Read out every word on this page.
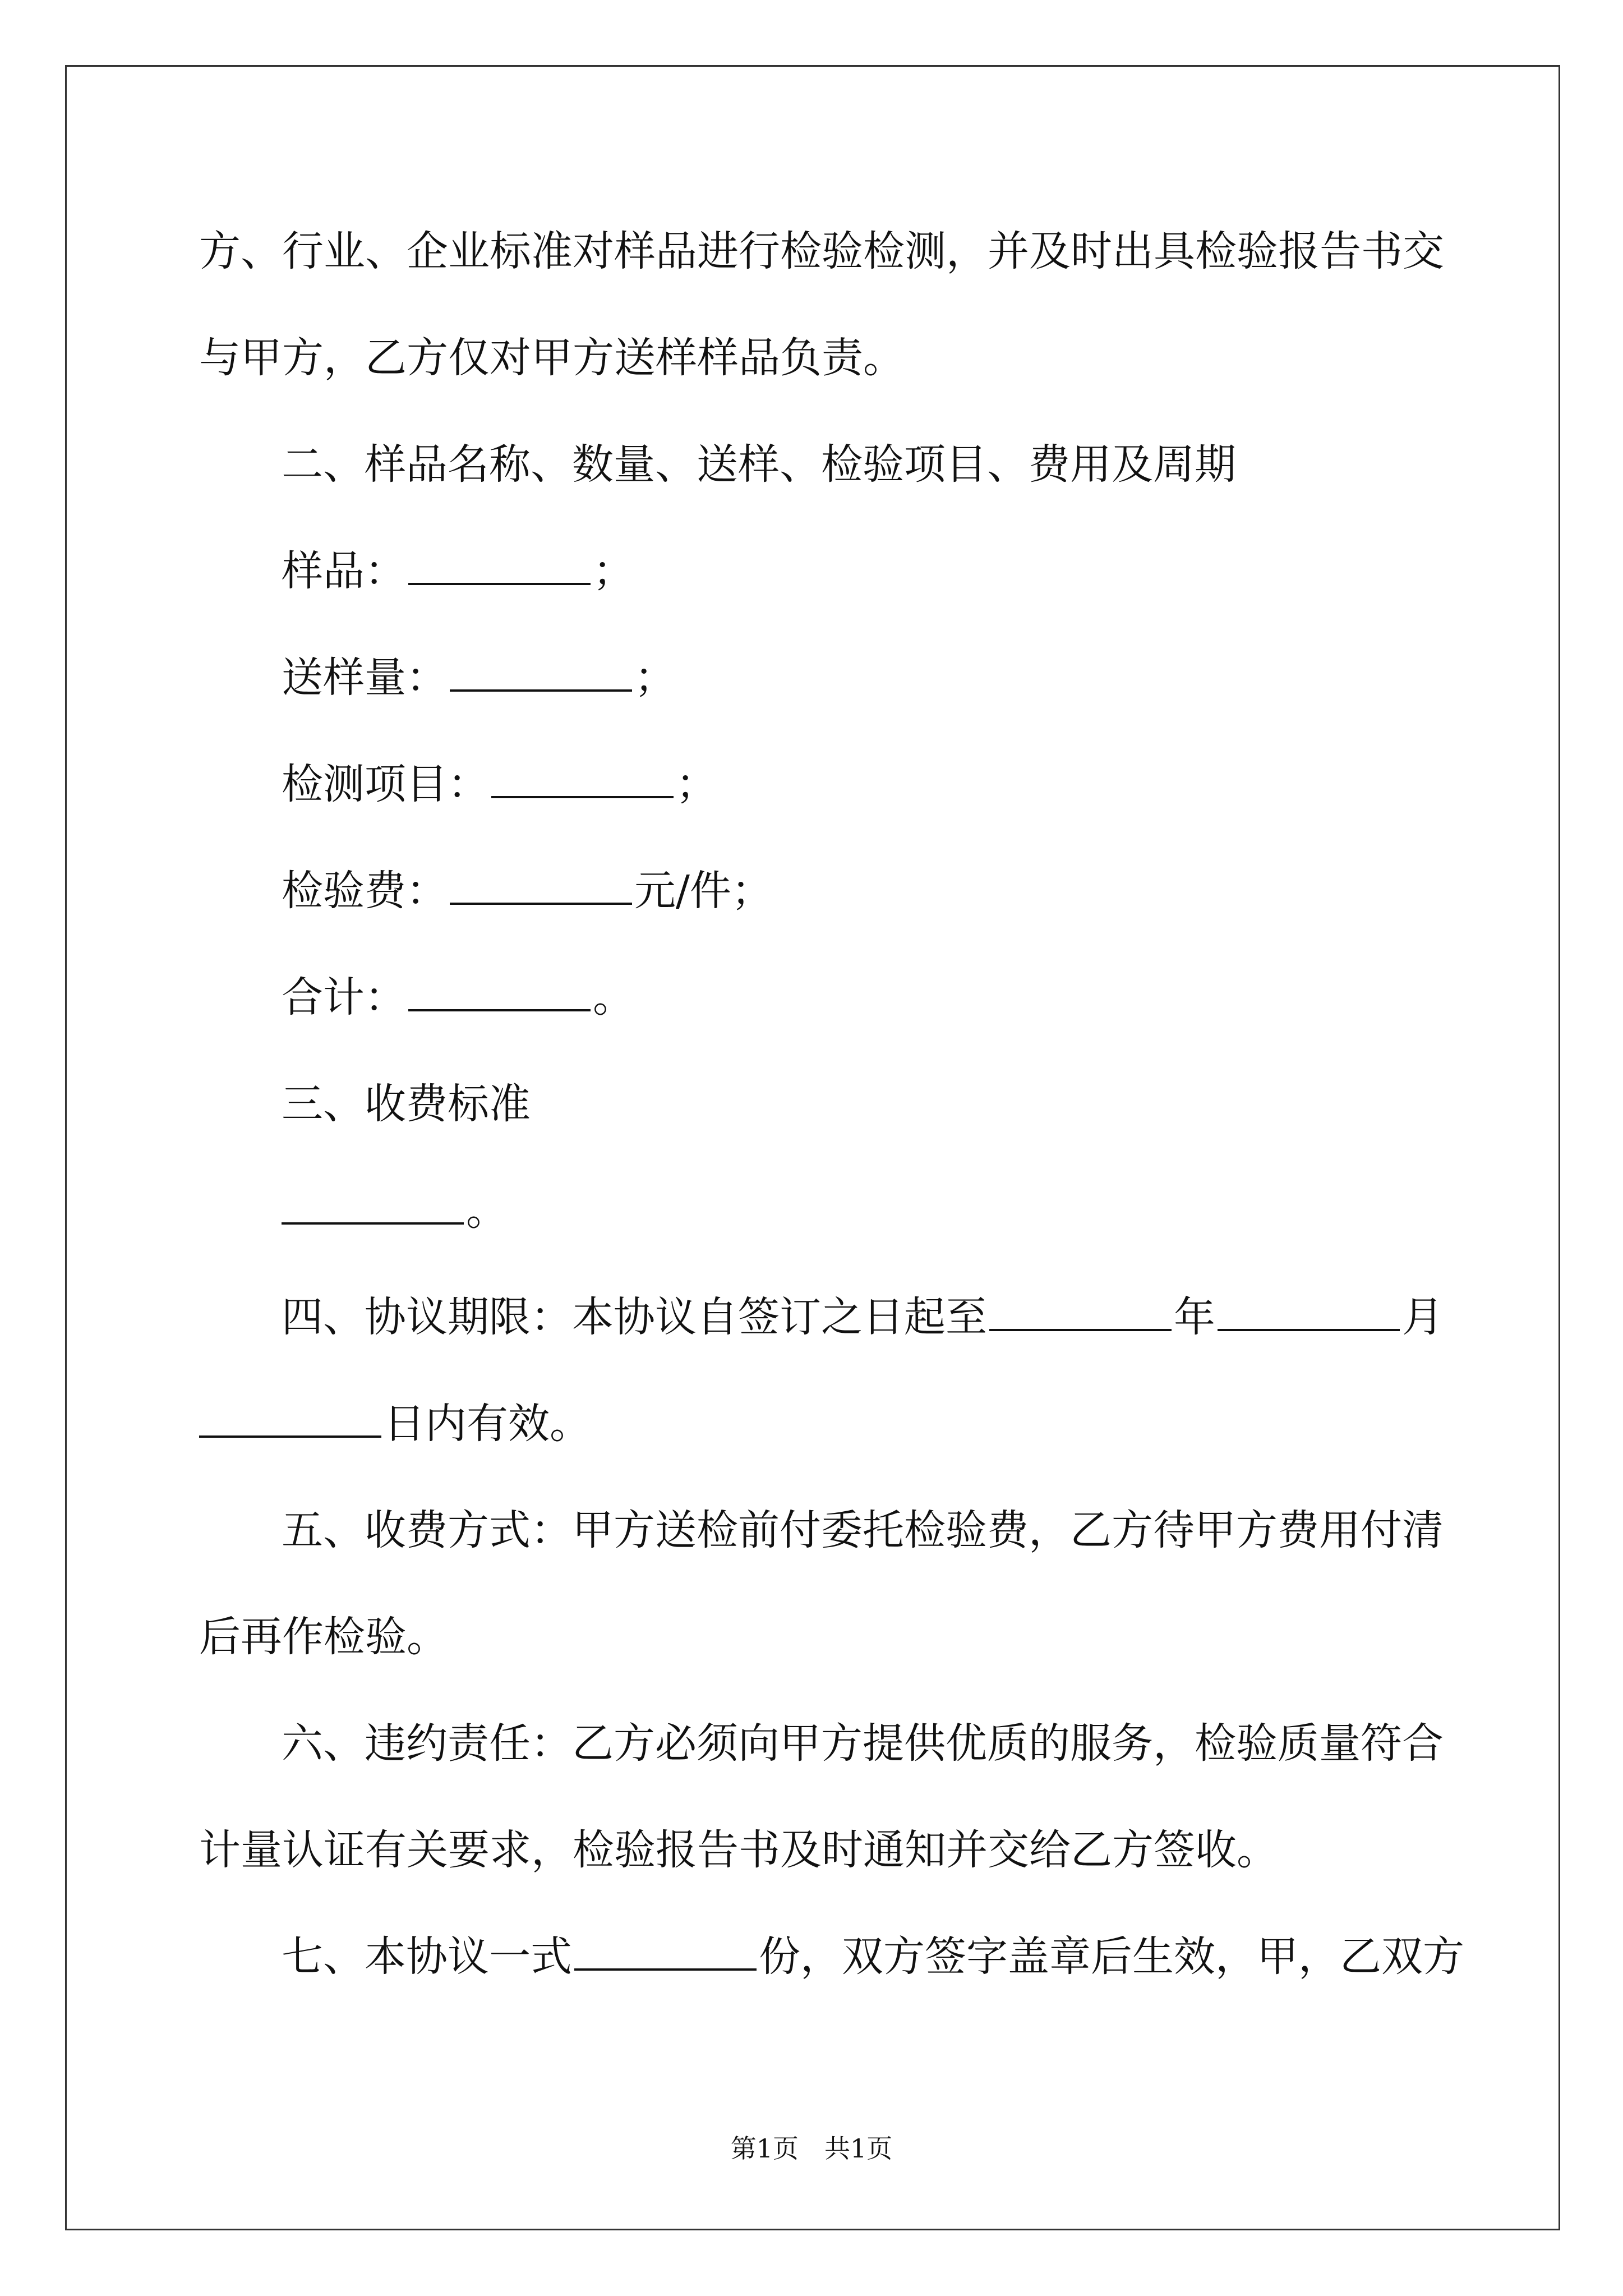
方、行业、企业标准对样品进行检验检测，并及时出具检验报告书交
与甲方，乙方仅对甲方送样样品负责。
二、样品名称、数量、送样、检验项目、费用及周期
样品：	；
送样量：	；
检测项目：	；
检验费：	元/件；
合计：	。
三、收费标准
。
四、协议期限：本协议自签订之日起至	年	月
日内有效。
五、收费方式：甲方送检前付委托检验费，乙方待甲方费用付清
后再作检验。
六、违约责任：乙方必须向甲方提供优质的服务，检验质量符合
计量认证有关要求，检验报告书及时通知并交给乙方签收。
七、本协议一式	份，双方签字盖章后生效，甲，乙双方
第1页　共1页
